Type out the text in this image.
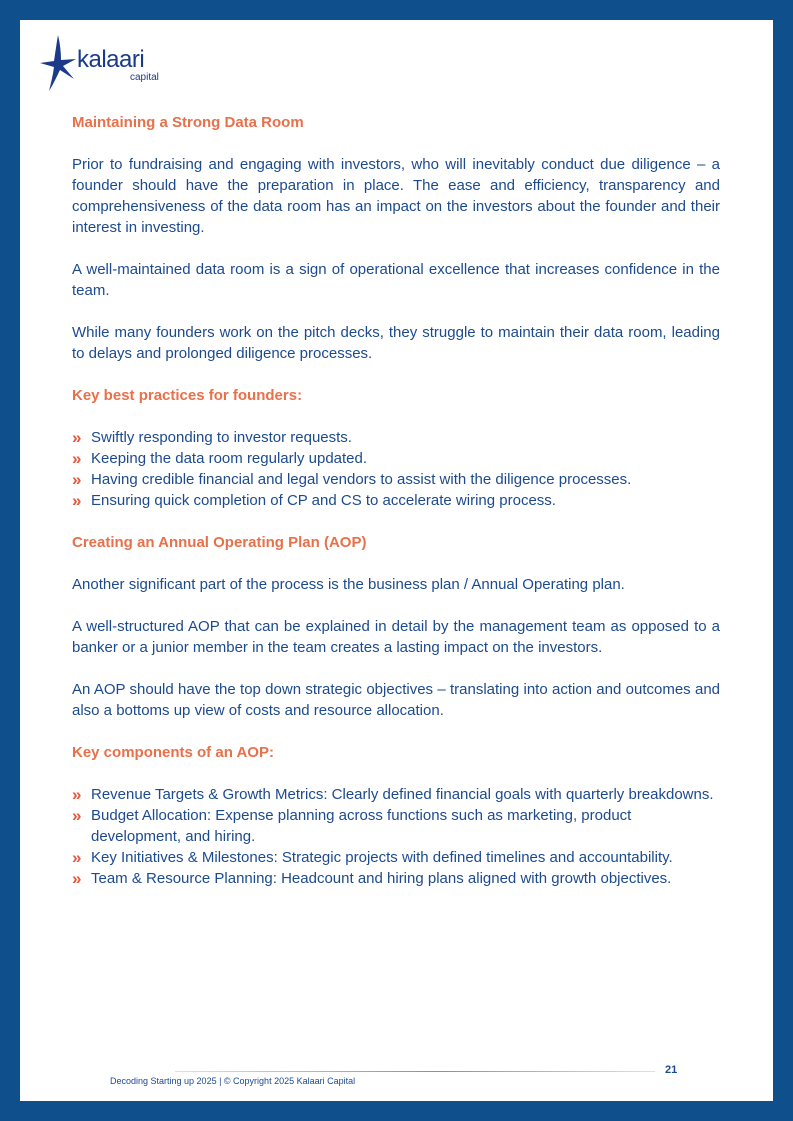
kalaari
capital
Maintaining a Strong Data Room

Prior to fundraising and engaging with investors, who will inevitably conduct due diligence – a founder should have the preparation in place. The ease and efficiency, transparency and comprehensiveness of the data room has an impact on the investors about the founder and their interest in investing.

A well-maintained data room is a sign of operational excellence that increases confidence in the team.

While many founders work on the pitch decks, they struggle to maintain their data room, leading to delays and prolonged diligence processes.

Key best practices for founders:
» Swiftly responding to investor requests.
» Keeping the data room regularly updated.
» Having credible financial and legal vendors to assist with the diligence processes.
» Ensuring quick completion of CP and CS to accelerate wiring process.
Creating an Annual Operating Plan (AOP)

Another significant part of the process is the business plan / Annual Operating plan.

A well-structured AOP that can be explained in detail by the management team as opposed to a banker or a junior member in the team creates a lasting impact on the investors.

An AOP should have the top down strategic objectives – translating into action and outcomes and also a bottoms up view of costs and resource allocation.

Key components of an AOP:
» Revenue Targets & Growth Metrics: Clearly defined financial goals with quarterly breakdowns.
» Budget Allocation: Expense planning across functions such as marketing, product development, and hiring.
» Key Initiatives & Milestones: Strategic projects with defined timelines and accountability.
» Team & Resource Planning: Headcount and hiring plans aligned with growth objectives.
Decoding Starting up 2025 | © Copyright 2025 Kalaari Capital
21
